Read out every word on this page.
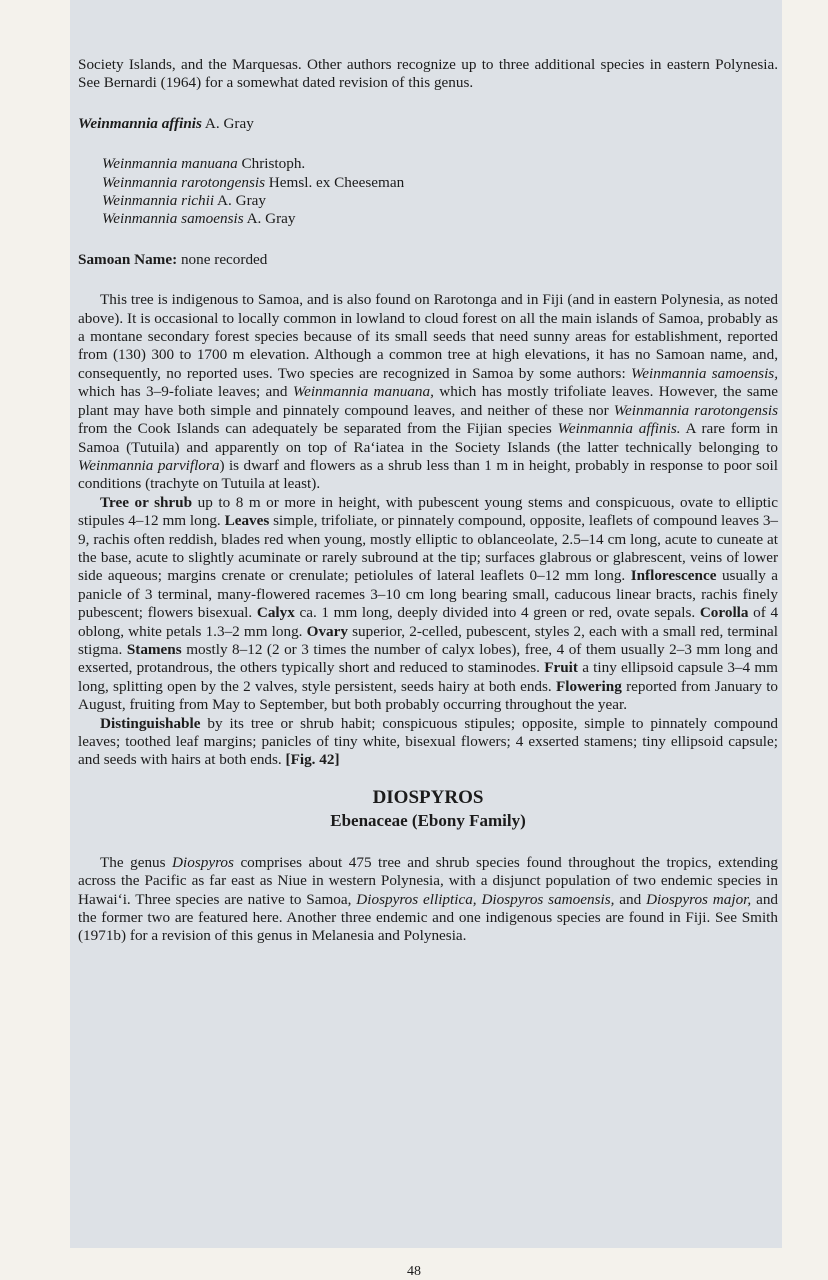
Society Islands, and the Marquesas. Other authors recognize up to three additional species in eastern Polynesia. See Bernardi (1964) for a somewhat dated revision of this genus.

Weinmannia affinis A. Gray

Weinmannia manuana Christoph.

Weinmannia rarotongensis Hemsl. ex Cheeseman

Weinmannia richii A. Gray

Weinmannia samoensis A. Gray

Samoan Name: none recorded

This tree is indigenous to Samoa, and is also found on Rarotonga and in Fiji (and in eastern Polynesia, as noted above). It is occasional to locally common in lowland to cloud forest on all the main islands of Samoa, probably as a montane secondary forest species because of its small seeds that need sunny areas for establishment, reported from (130) 300 to 1700 m elevation. Although a common tree at high elevations, it has no Samoan name, and, consequently, no reported uses. Two species are recognized in Samoa by some authors: Weinmannia samoensis, which has 3–9-foliate leaves; and Weinmannia manuana, which has mostly trifoliate leaves. However, the same plant may have both simple and pinnately compound leaves, and neither of these nor Weinmannia rarotongensis from the Cook Islands can adequately be separated from the Fijian species Weinmannia affinis. A rare form in Samoa (Tutuila) and apparently on top of Ra‘iatea in the Society Islands (the latter technically belonging to Weinmannia parviflora) is dwarf and flowers as a shrub less than 1 m in height, probably in response to poor soil conditions (trachyte on Tutuila at least).

Tree or shrub up to 8 m or more in height, with pubescent young stems and conspicuous, ovate to elliptic stipules 4–12 mm long. Leaves simple, trifoliate, or pinnately compound, opposite, leaflets of compound leaves 3–9, rachis often reddish, blades red when young, mostly elliptic to oblanceolate, 2.5–14 cm long, acute to cuneate at the base, acute to slightly acuminate or rarely subround at the tip; surfaces glabrous or glabrescent, veins of lower side aqueous; margins crenate or crenulate; petiolules of lateral leaflets 0–12 mm long. Inflorescence usually a panicle of 3 terminal, many-flowered racemes 3–10 cm long bearing small, caducous linear bracts, rachis finely pubescent; flowers bisexual. Calyx ca. 1 mm long, deeply divided into 4 green or red, ovate sepals. Corolla of 4 oblong, white petals 1.3–2 mm long. Ovary superior, 2-celled, pubescent, styles 2, each with a small red, terminal stigma. Stamens mostly 8–12 (2 or 3 times the number of calyx lobes), free, 4 of them usually 2–3 mm long and exserted, protandrous, the others typically short and reduced to staminodes. Fruit a tiny ellipsoid capsule 3–4 mm long, splitting open by the 2 valves, style persistent, seeds hairy at both ends. Flowering reported from January to August, fruiting from May to September, but both probably occurring throughout the year.

Distinguishable by its tree or shrub habit; conspicuous stipules; opposite, simple to pinnately compound leaves; toothed leaf margins; panicles of tiny white, bisexual flowers; 4 exserted stamens; tiny ellipsoid capsule; and seeds with hairs at both ends. [Fig. 42]

DIOSPYROS

Ebenaceae (Ebony Family)

The genus Diospyros comprises about 475 tree and shrub species found throughout the tropics, extending across the Pacific as far east as Niue in western Polynesia, with a disjunct population of two endemic species in Hawai‘i. Three species are native to Samoa, Diospyros elliptica, Diospyros samoensis, and Diospyros major, and the former two are featured here. Another three endemic and one indigenous species are found in Fiji. See Smith (1971b) for a revision of this genus in Melanesia and Polynesia.

48
